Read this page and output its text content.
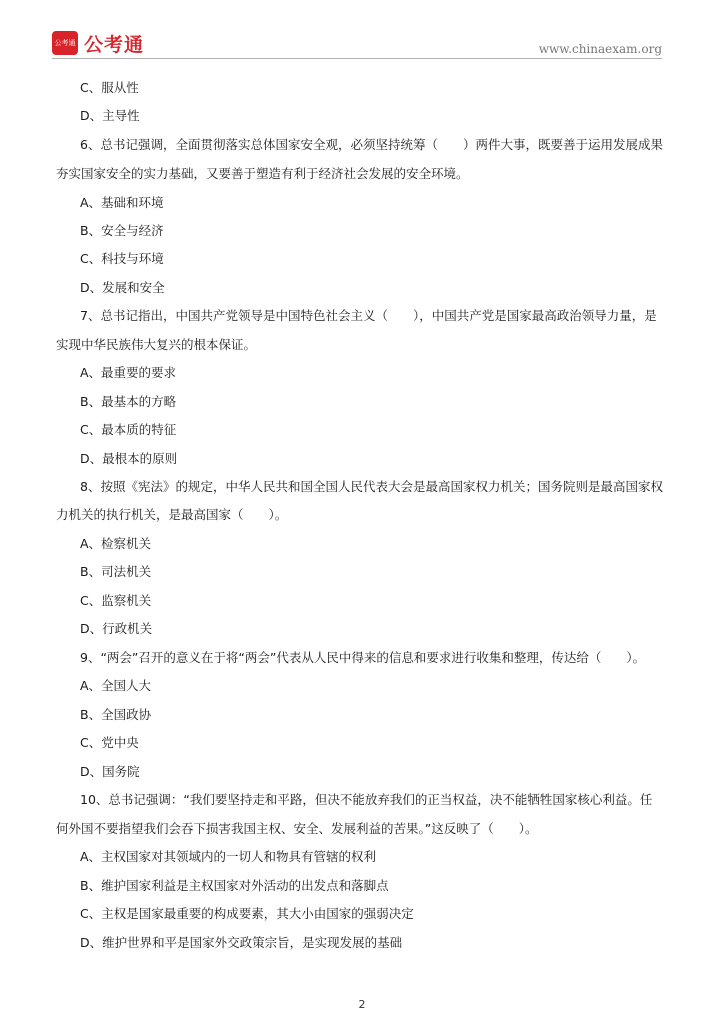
公考通 公考通	www.chinaexam.org
C、服从性
D、主导性
6、总书记强调，全面贯彻落实总体国家安全观，必须坚持统筹（　　）两件大事，既要善于运用发展成果
夯实国家安全的实力基础，又要善于塑造有利于经济社会发展的安全环境。
A、基础和环境
B、安全与经济
C、科技与环境
D、发展和安全
7、总书记指出，中国共产党领导是中国特色社会主义（　　），中国共产党是国家最高政治领导力量，是
实现中华民族伟大复兴的根本保证。
A、最重要的要求
B、最基本的方略
C、最本质的特征
D、最根本的原则
8、按照《宪法》的规定，中华人民共和国全国人民代表大会是最高国家权力机关；国务院则是最高国家权
力机关的执行机关，是最高国家（　　）。
A、检察机关
B、司法机关
C、监察机关
D、行政机关
9、“两会”召开的意义在于将“两会”代表从人民中得来的信息和要求进行收集和整理，传达给（　　）。
A、全国人大
B、全国政协
C、党中央
D、国务院
10、总书记强调：“我们要坚持走和平路，但决不能放弃我们的正当权益，决不能牺牲国家核心利益。任
何外国不要指望我们会吞下损害我国主权、安全、发展利益的苦果。”这反映了（　　）。
A、主权国家对其领域内的一切人和物具有管辖的权利
B、维护国家利益是主权国家对外活动的出发点和落脚点
C、主权是国家最重要的构成要素，其大小由国家的强弱决定
D、维护世界和平是国家外交政策宗旨，是实现发展的基础
2
